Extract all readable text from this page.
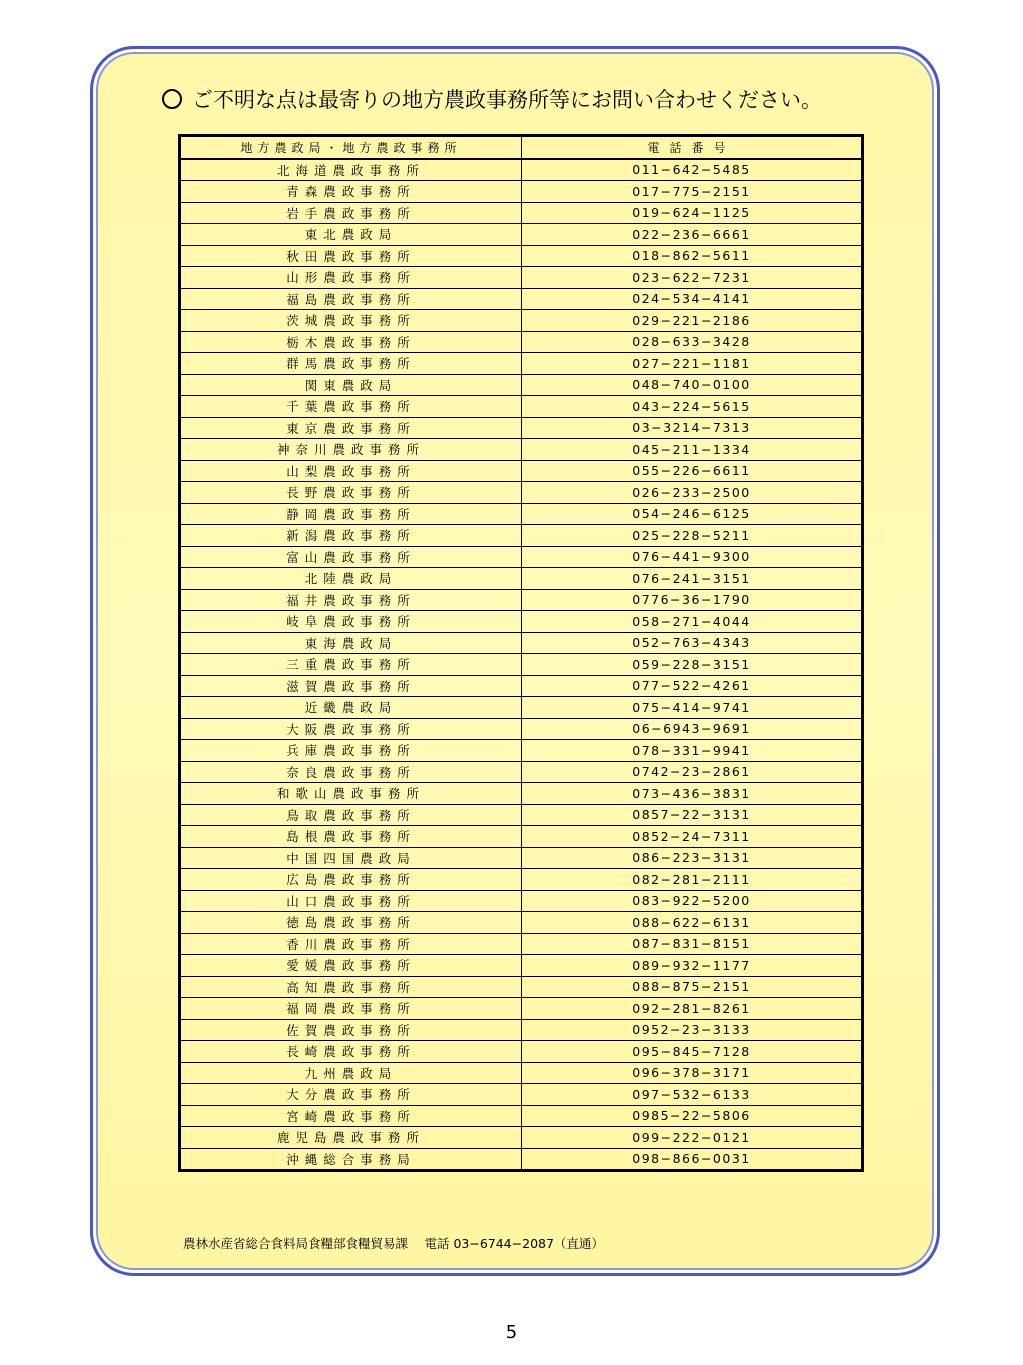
ご不明な点は最寄りの地方農政事務所等にお問い合わせください。
地方農政局・地方農政事務所	電話番号
北海道農政事務所	011−642−5485
青森農政事務所	017−775−2151
岩手農政事務所	019−624−1125
東北農政局	022−236−6661
秋田農政事務所	018−862−5611
山形農政事務所	023−622−7231
福島農政事務所	024−534−4141
茨城農政事務所	029−221−2186
栃木農政事務所	028−633−3428
群馬農政事務所	027−221−1181
関東農政局	048−740−0100
千葉農政事務所	043−224−5615
東京農政事務所	03−3214−7313
神奈川農政事務所	045−211−1334
山梨農政事務所	055−226−6611
長野農政事務所	026−233−2500
静岡農政事務所	054−246−6125
新潟農政事務所	025−228−5211
富山農政事務所	076−441−9300
北陸農政局	076−241−3151
福井農政事務所	0776−36−1790
岐阜農政事務所	058−271−4044
東海農政局	052−763−4343
三重農政事務所	059−228−3151
滋賀農政事務所	077−522−4261
近畿農政局	075−414−9741
大阪農政事務所	06−6943−9691
兵庫農政事務所	078−331−9941
奈良農政事務所	0742−23−2861
和歌山農政事務所	073−436−3831
鳥取農政事務所	0857−22−3131
島根農政事務所	0852−24−7311
中国四国農政局	086−223−3131
広島農政事務所	082−281−2111
山口農政事務所	083−922−5200
徳島農政事務所	088−622−6131
香川農政事務所	087−831−8151
愛媛農政事務所	089−932−1177
高知農政事務所	088−875−2151
福岡農政事務所	092−281−8261
佐賀農政事務所	0952−23−3133
長崎農政事務所	095−845−7128
九州農政局	096−378−3171
大分農政事務所	097−532−6133
宮崎農政事務所	0985−22−5806
鹿児島農政事務所	099−222−0121
沖縄総合事務局	098−866−0031
農林水産省総合食料局食糧部食糧貿易課　 電話 03−6744−2087（直通）
5
